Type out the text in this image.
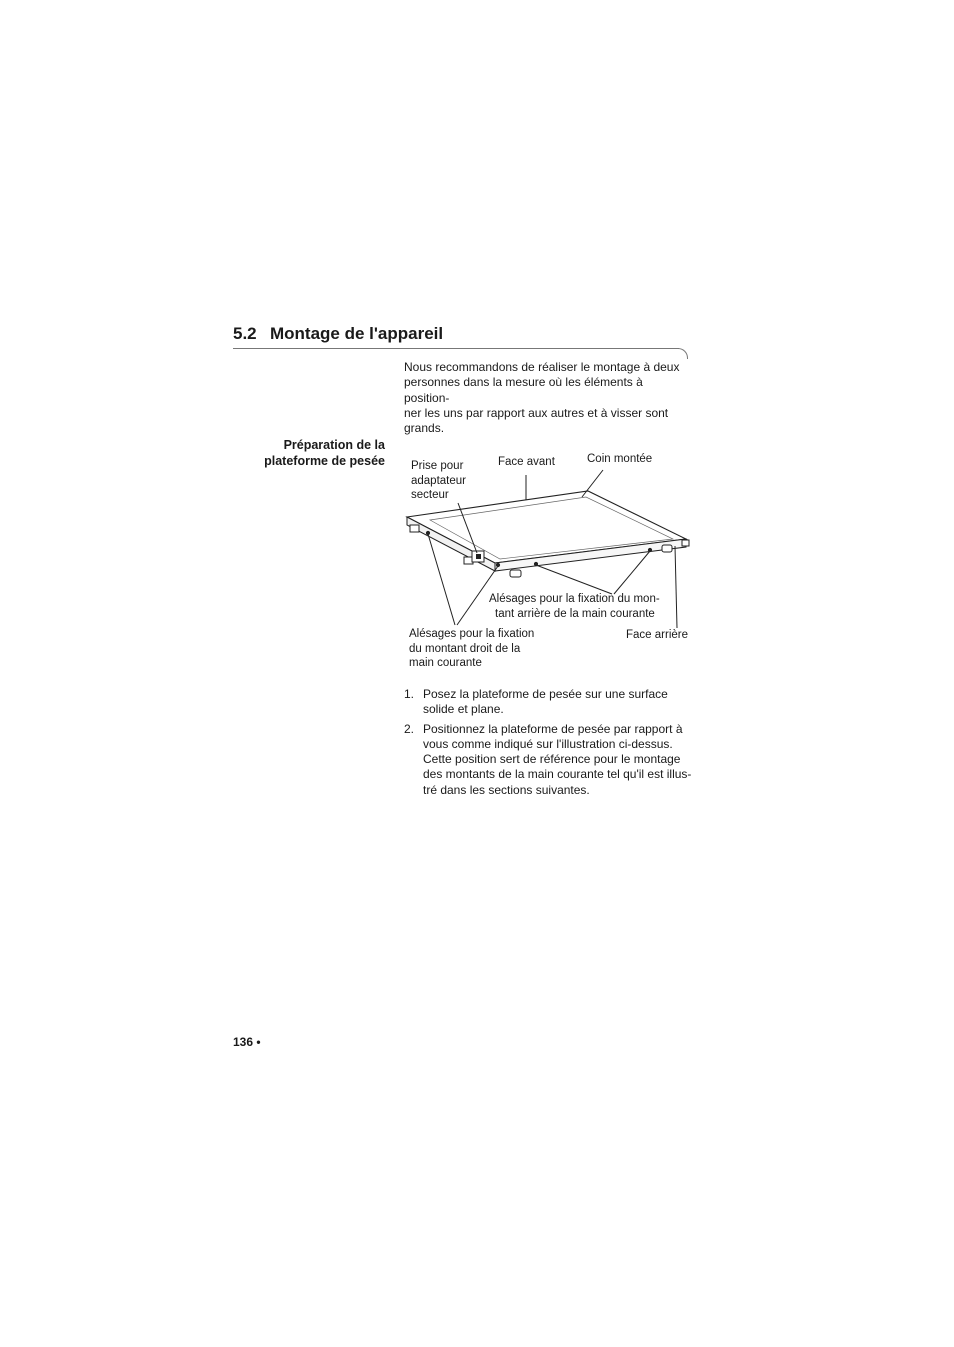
5.2 Montage de l'appareil

Nous recommandons de réaliser le montage à deux
personnes dans la mesure où les éléments à position-
ner les uns par rapport aux autres et à visser sont
grands.

Préparation de la
plateforme de pesée Prise pour
adaptateur
secteur
Face avant	Coin montée
Alésages pour la fixation du mon-
tant arrière de la main courante
Alésages pour la fixation
du montant droit de la
main courante
Face arrière
1. Posez la plateforme de pesée sur une surface
solide et plane.
2. Positionnez la plateforme de pesée par rapport à
vous comme indiqué sur l'illustration ci-dessus.
Cette position sert de référence pour le montage
des montants de la main courante tel qu'il est illus-
tré dans les sections suivantes.
136 •
